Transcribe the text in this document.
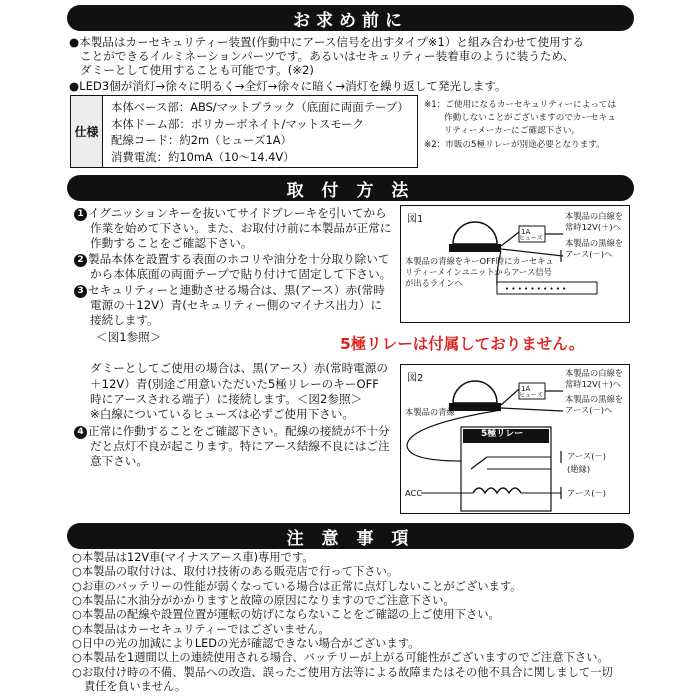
お求め前に
●本製品はカーセキュリティー装置(作動中にアース信号を出すタイプ※1）と組み合わせて使用する
ことができるイルミネーションパーツです。あるいはセキュリティー装着車のように装うため、
ダミーとして使用することも可能です。(※2)
●LED3個が消灯→徐々に明るく→全灯→徐々に暗く→消灯を繰り返して発光します。
仕様
本体ベース部：ABS/マットブラック（底面に両面テープ）
本体ドーム部：ポリカーボネイト/マットスモーク
配線コード：約2m（ヒューズ1A）
消費電流：約10mA（10～14.4V）
※1：ご使用になるカーセキュリティーによっては
作動しないことがございますのでカーセキュ
リティーメーカーにご確認下さい。
※2：市販の5極リレーが別途必要となります。
取 付 方 法
1 イグニッションキーを抜いてサイドブレーキを引いてから
作業を始めて下さい。また、お取付け前に本製品が正常に
作動することをご確認下さい。
2 製品本体を設置する表面のホコリや油分を十分取り除いて
から本体底面の両面テープで貼り付けて固定して下さい。
3 セキュリティーと連動させる場合は、黒(アース）赤(常時
電源の＋12V）青(セキュリティー側のマイナス出力）に
接続します。
＜図1参照＞	5極リレーは付属しておりません。
ダミーとしてご使用の場合は、黒(アース）赤(常時電源の
＋12V）青(別途ご用意いただいた5極リレーのキーOFF
時にアースされる端子）に接続します。＜図2参照＞
※白線についているヒューズは必ずご使用下さい。
4 正常に作動することをご確認下さい。配線の接続が不十分
だと点灯不良が起こります。特にアース結線不良にはご注
意下さい。
• • • • • • • • • •
図1
1A
ヒューズ
本製品の白線を
常時12V(＋)へ
本製品の黒線を
アース(－)へ
本製品の青線をキーOFF時にカーセキュ
リティーメインユニットからアース信号
が出るラインへ
図2
1A
ヒューズ
本製品の白線を
常時12V(＋)へ
本製品の黒線を
アース(－)へ
本製品の青線
5極リレー
アース(－)
(絶縁)
アース(－)
ACC
注 意 事 項
○本製品は12V車(マイナスアース車)専用です。
○本製品の取付けは、取付け技術のある販売店で行って下さい。
○お車のバッテリーの性能が弱くなっている場合は正常に点灯しないことがございます。
○本製品に水油分がかかりますと故障の原因になりますのでご注意下さい。
○本製品の配線や設置位置が運転の妨げにならないことをご確認の上ご使用下さい。
○本製品はカーセキュリティーではございません。
○日中の光の加減によりLEDの光が確認できない場合がございます。
○本製品を1週間以上の連続使用される場合、バッテリーが上がる可能性がございますのでご注意下さい。
○お取付け時の不備、製品への改造、誤ったご使用方法等による故障またはその他不具合に関しまして一切
責任を負いません。
